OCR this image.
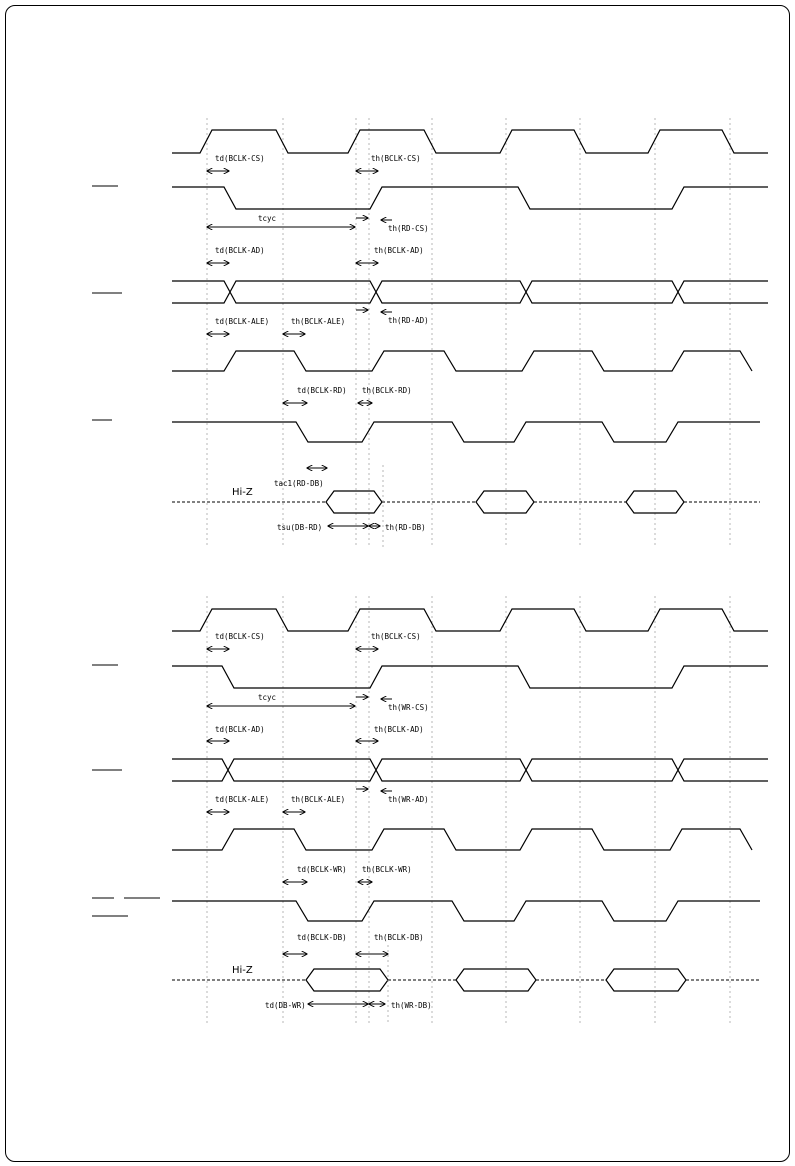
Hi-Z
td(BCLK-CS)	th(BCLK-CS)
tcyc
th(RD-CS)
td(BCLK-AD)	th(BCLK-AD)
td(BCLK-ALE)	th(BCLK-ALE)	th(RD-AD)
td(BCLK-RD) th(BCLK-RD)
tac1(RD-DB)
tsu(DB-RD)	th(RD-DB)
Hi-Z
td(BCLK-CS)	th(BCLK-CS)
tcyc
th(WR-CS)
td(BCLK-AD)	th(BCLK-AD)
td(BCLK-ALE)	th(BCLK-ALE)	th(WR-AD)
td(BCLK-WR) th(BCLK-WR)
td(BCLK-DB)	th(BCLK-DB)
td(DB-WR)	th(WR-DB)
